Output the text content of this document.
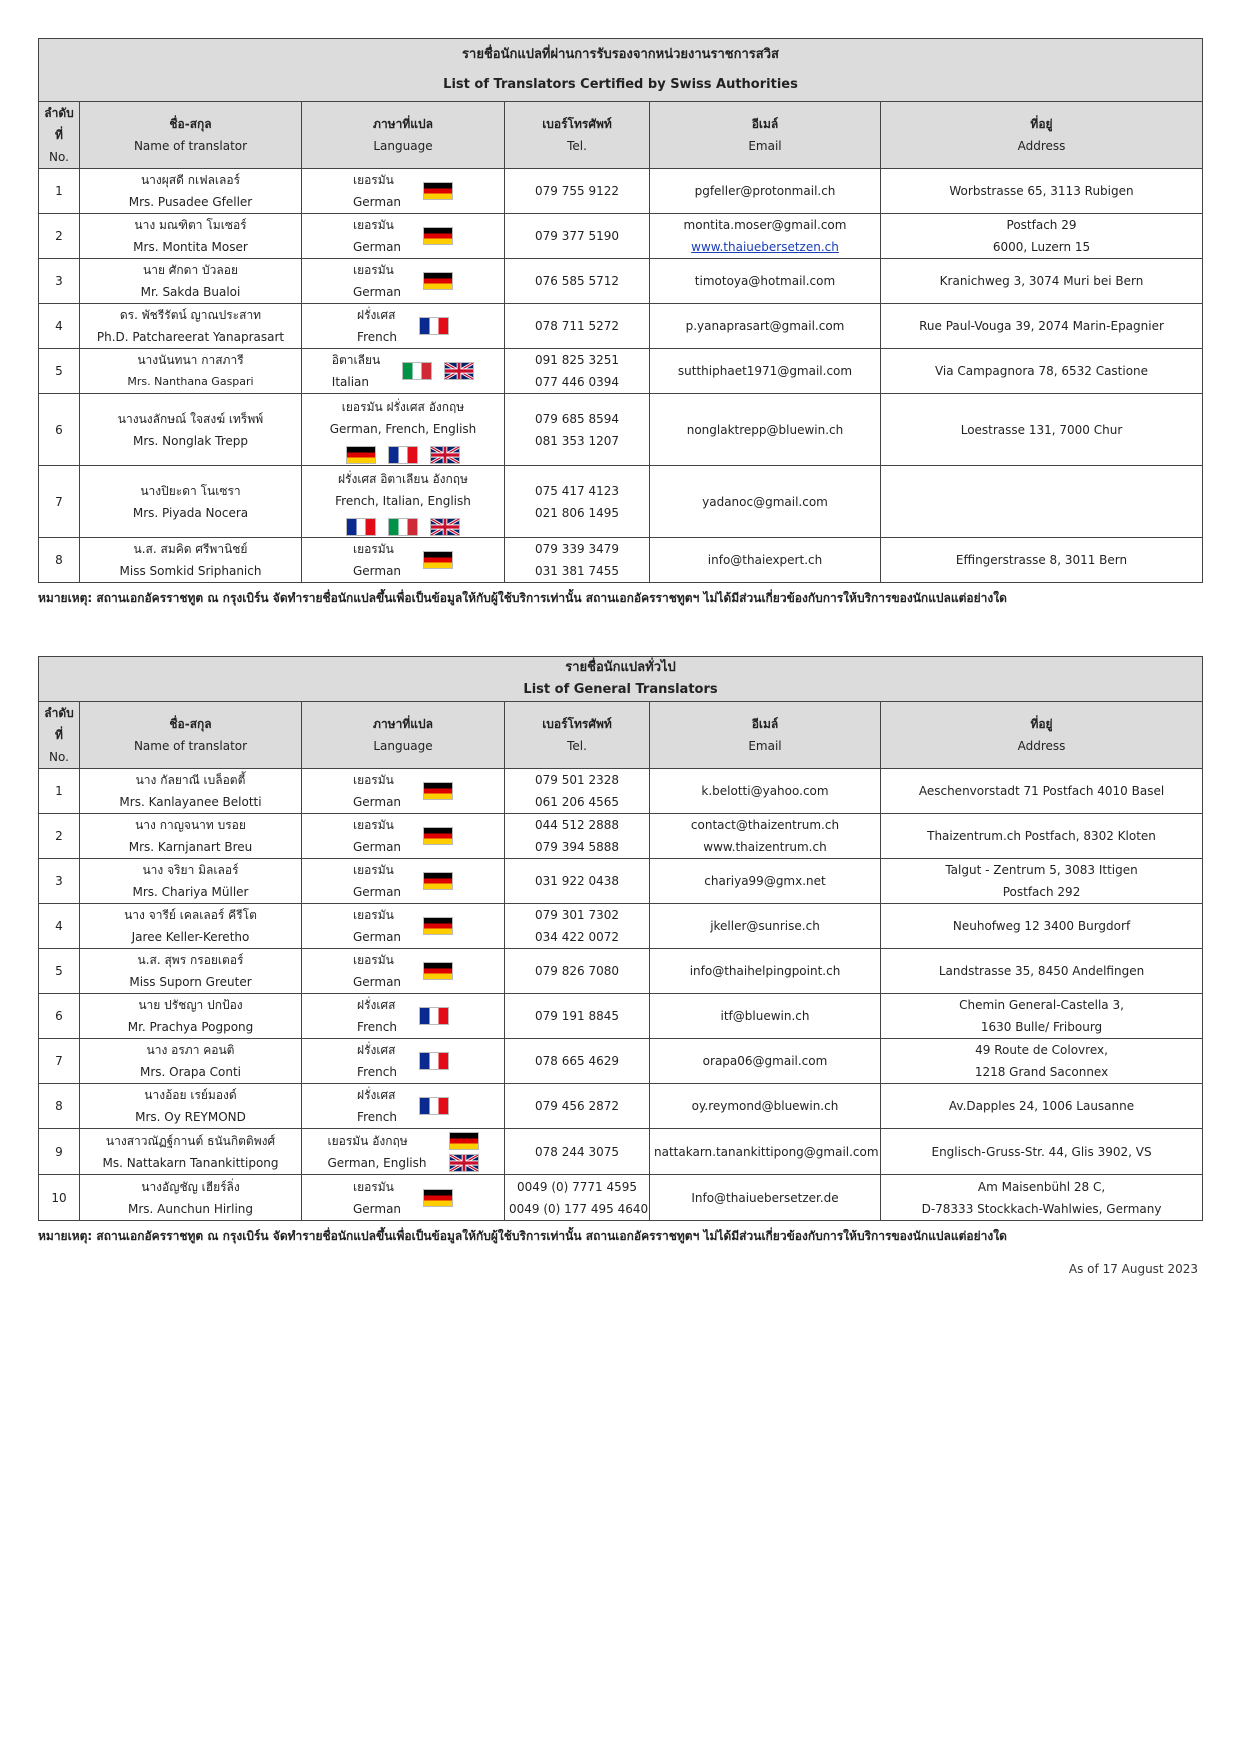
รายชื่อนักแปลที่ผ่านการรับรองจากหน่วยงานราชการสวิส
List of Translators Certified by Swiss Authorities					

ลำดับที่
No.	ชื่อ-สกุล
Name of translator	ภาษาที่แปล
Language	เบอร์โทรศัพท์
Tel.	อีเมล์
Email	ที่อยู่
Address

1	นางผุสดี กเฟลเลอร์
Mrs. Pusadee Gfeller	เยอรมัน
German	079 755 9122	pgfeller@protonmail.ch	Worbstrasse 65, 3113 Rubigen

2	นาง มณฑิตา โมเซอร์
Mrs. Montita Moser	เยอรมัน
German	079 377 5190	montita.moser@gmail.com
www.thaiuebersetzen.ch	Postfach 29
6000, Luzern 15

3	นาย ศักดา บัวลอย
Mr. Sakda Bualoi	เยอรมัน
German	076 585 5712	timotoya@hotmail.com	Kranichweg 3, 3074 Muri bei Bern

4	ดร. พัชรีรัตน์ ญาณประสาท
Ph.D. Patchareerat Yanaprasart	ฝรั่งเศส
French	078 711 5272	p.yanaprasart@gmail.com	Rue Paul-Vouga 39, 2074 Marin-Epagnier

5	นางนันทนา กาสภารี
Mrs. Nanthana Gaspari	อิตาเลียน
Italian	091 825 3251
077 446 0394	sutthiphaet1971@gmail.com	Via Campagnora 78, 6532 Castione

6	นางนงลักษณ์ ใจสงฆ์ เทร็พพ์
Mrs. Nonglak Trepp	เยอรมัน ฝรั่งเศส อังกฤษ
German, French, English	079 685 8594
081 353 1207	nonglaktrepp@bluewin.ch	Loestrasse 131, 7000 Chur

7	นางปิยะดา โนเซรา
Mrs. Piyada Nocera	ฝรั่งเศส อิตาเลียน อังกฤษ
French, Italian, English	075 417 4123
021 806 1495	yadanoc@gmail.com	

8	น.ส. สมคิด ศรีพานิชย์
Miss Somkid Sriphanich	เยอรมัน
German	079 339 3479
031 381 7455	info@thaiexpert.ch	Effingerstrasse 8, 3011 Bern
หมายเหตุ: สถานเอกอัครราชทูต ณ กรุงเบิร์น จัดทำรายชื่อนักแปลขึ้นเพื่อเป็นข้อมูลให้กับผู้ใช้บริการเท่านั้น สถานเอกอัครราชทูตฯ ไม่ได้มีส่วนเกี่ยวข้องกับการให้บริการของนักแปลแต่อย่างใด
รายชื่อนักแปลทั่วไป
List of General Translators					

ลำดับที่
No.	ชื่อ-สกุล
Name of translator	ภาษาที่แปล
Language	เบอร์โทรศัพท์
Tel.	อีเมล์
Email	ที่อยู่
Address

1	นาง กัลยาณี เบล็อตตี้
Mrs. Kanlayanee Belotti	เยอรมัน
German	079 501 2328
061 206 4565	k.belotti@yahoo.com	Aeschenvorstadt 71 Postfach 4010 Basel

2	นาง กาญจนาท บรอย
Mrs. Karnjanart Breu	เยอรมัน
German	044 512 2888
079 394 5888	contact@thaizentrum.ch
www.thaizentrum.ch	Thaizentrum.ch Postfach, 8302 Kloten

3	นาง จริยา มิลเลอร์
Mrs. Chariya Müller	เยอรมัน
German	031 922 0438	chariya99@gmx.net	Talgut - Zentrum 5, 3083 Ittigen
Postfach 292

4	นาง จารีย์ เคลเลอร์ คีรีโต
Jaree Keller-Keretho	เยอรมัน
German	079 301 7302
034 422 0072	jkeller@sunrise.ch	Neuhofweg 12 3400 Burgdorf

5	น.ส. สุพร กรอยเตอร์
Miss Suporn Greuter	เยอรมัน
German	079 826 7080	info@thaihelpingpoint.ch	Landstrasse 35, 8450 Andelfingen

6	นาย ปรัชญา ปกป้อง
Mr. Prachya Pogpong	ฝรั่งเศส
French	079 191 8845	itf@bluewin.ch	Chemin General-Castella 3,
1630 Bulle/ Fribourg

7	นาง อรภา คอนติ
Mrs. Orapa Conti	ฝรั่งเศส
French	078 665 4629	orapa06@gmail.com	49 Route de Colovrex,
1218 Grand Saconnex

8	นางอ้อย เรย์มองด์
Mrs. Oy REYMOND	ฝรั่งเศส
French	079 456 2872	oy.reymond@bluewin.ch	Av.Dapples 24, 1006 Lausanne

9	นางสาวณัฏฐ์กานต์ ธนันกิตติพงศ์
Ms. Nattakarn Tanankittipong	เยอรมัน อังกฤษ
German, English	078 244 3075	nattakarn.tanankittipong@gmail.com	Englisch-Gruss-Str. 44, Glis 3902, VS

10	นางอัญชัญ เฮียร์ลิ่ง
Mrs. Aunchun Hirling	เยอรมัน
German	0049 (0) 7771 4595
0049 (0) 177 495 4640	Info@thaiuebersetzer.de	Am Maisenbühl 28 C,
D-78333 Stockkach-Wahlwies, Germany
หมายเหตุ: สถานเอกอัครราชทูต ณ กรุงเบิร์น จัดทำรายชื่อนักแปลขึ้นเพื่อเป็นข้อมูลให้กับผู้ใช้บริการเท่านั้น สถานเอกอัครราชทูตฯ ไม่ได้มีส่วนเกี่ยวข้องกับการให้บริการของนักแปลแต่อย่างใด
As of 17 August 2023
